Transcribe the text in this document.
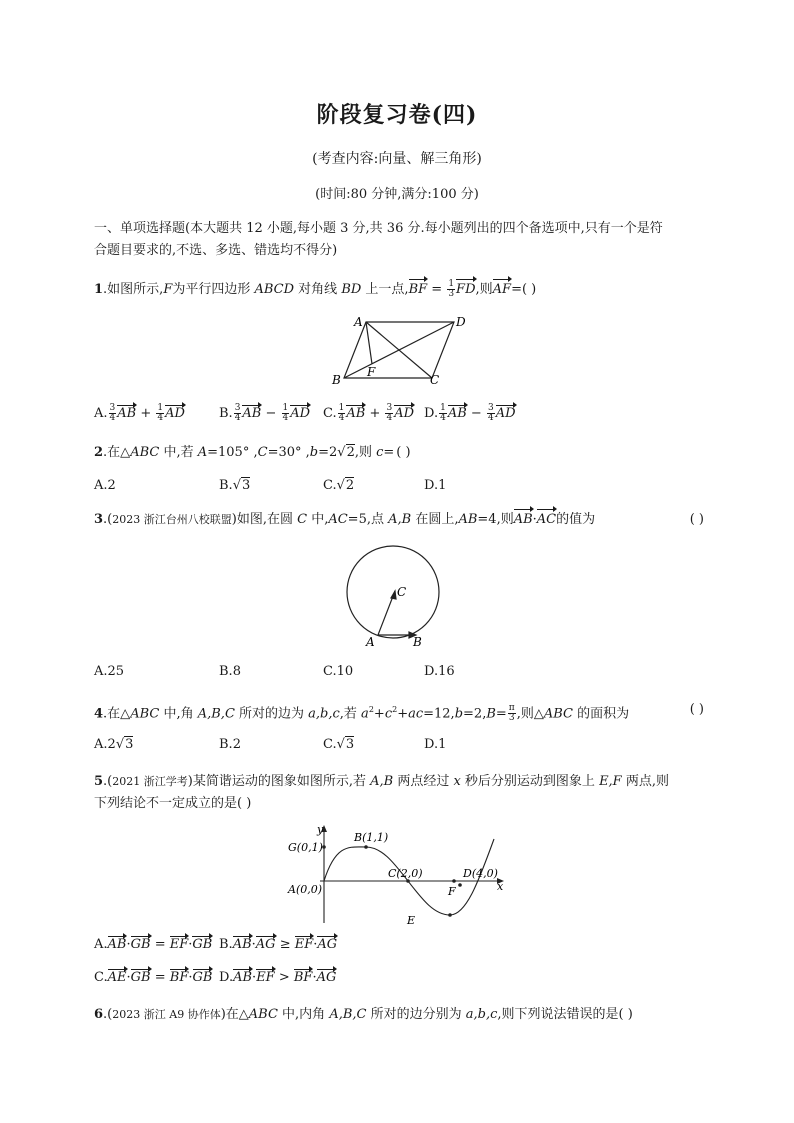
阶段复习卷(四)
(考查内容:向量、解三角形)
(时间:80 分钟,满分:100 分)
一、单项选择题(本大题共 12 小题,每小题 3 分,共 36 分.每小题列出的四个备选项中,只有一个是符
合题目要求的,不选、多选、错选均不得分)
1.如图所示,F为平行四边形 ABCD 对角线 BD 上一点$,BF = \frac{1}{3}$ FD,则AF=( )
A	D
B	C
F
A. $\frac{3}{4}$ AB + $\frac{1}{4}$ AD	B. $\frac{3}{4}$ AB − $\frac{1}{4}$ AD C. $\frac{1}{4}$ AB + $\frac{3}{4}$ AD D. $\frac{1}{4}$ AB − $\frac{3}{4}$ AD
2.在△ABC 中,若 A=105° ,C=30° ,b=2√2,则 c= ( )
A.2	B.√3	C.√2	D.1
3.(2023 浙江台州八校联盟)如图,在圆 C 中,AC=5,点 A,B 在圆上,AB=4,则AB·AC的值为	( )
C
A	B
A.25	B.8	C.10	D.16
4.在△ABC 中,角 A,B,C 所对的边为 a,b,c,若 $a^2+c^2+ac=12,b=2,B= \frac{\pi}{3}$ ,则△ABC 的面积为	( )
A.2√3	B.2	C.√3	D.1
5.(2021 浙江学考)某简谐运动的图象如图所示,若 A,B 两点经过 x 秒后分别运动到图象上 E,F 两点,则
下列结论不一定成立的是( )
y
x
G(0,1)
B(1,1)
C(2,0)	D(4,0)
A(0,0)
E
F
A.AB·GB = EF·GB B.AB·AG ≥ EF·AG
C.AE·GB = BF·GB D.AB·EF > BF·AG
6.(2023 浙江 A9 协作体)在△ABC 中,内角 A,B,C 所对的边分别为 a,b,c,则下列说法错误的是( )
